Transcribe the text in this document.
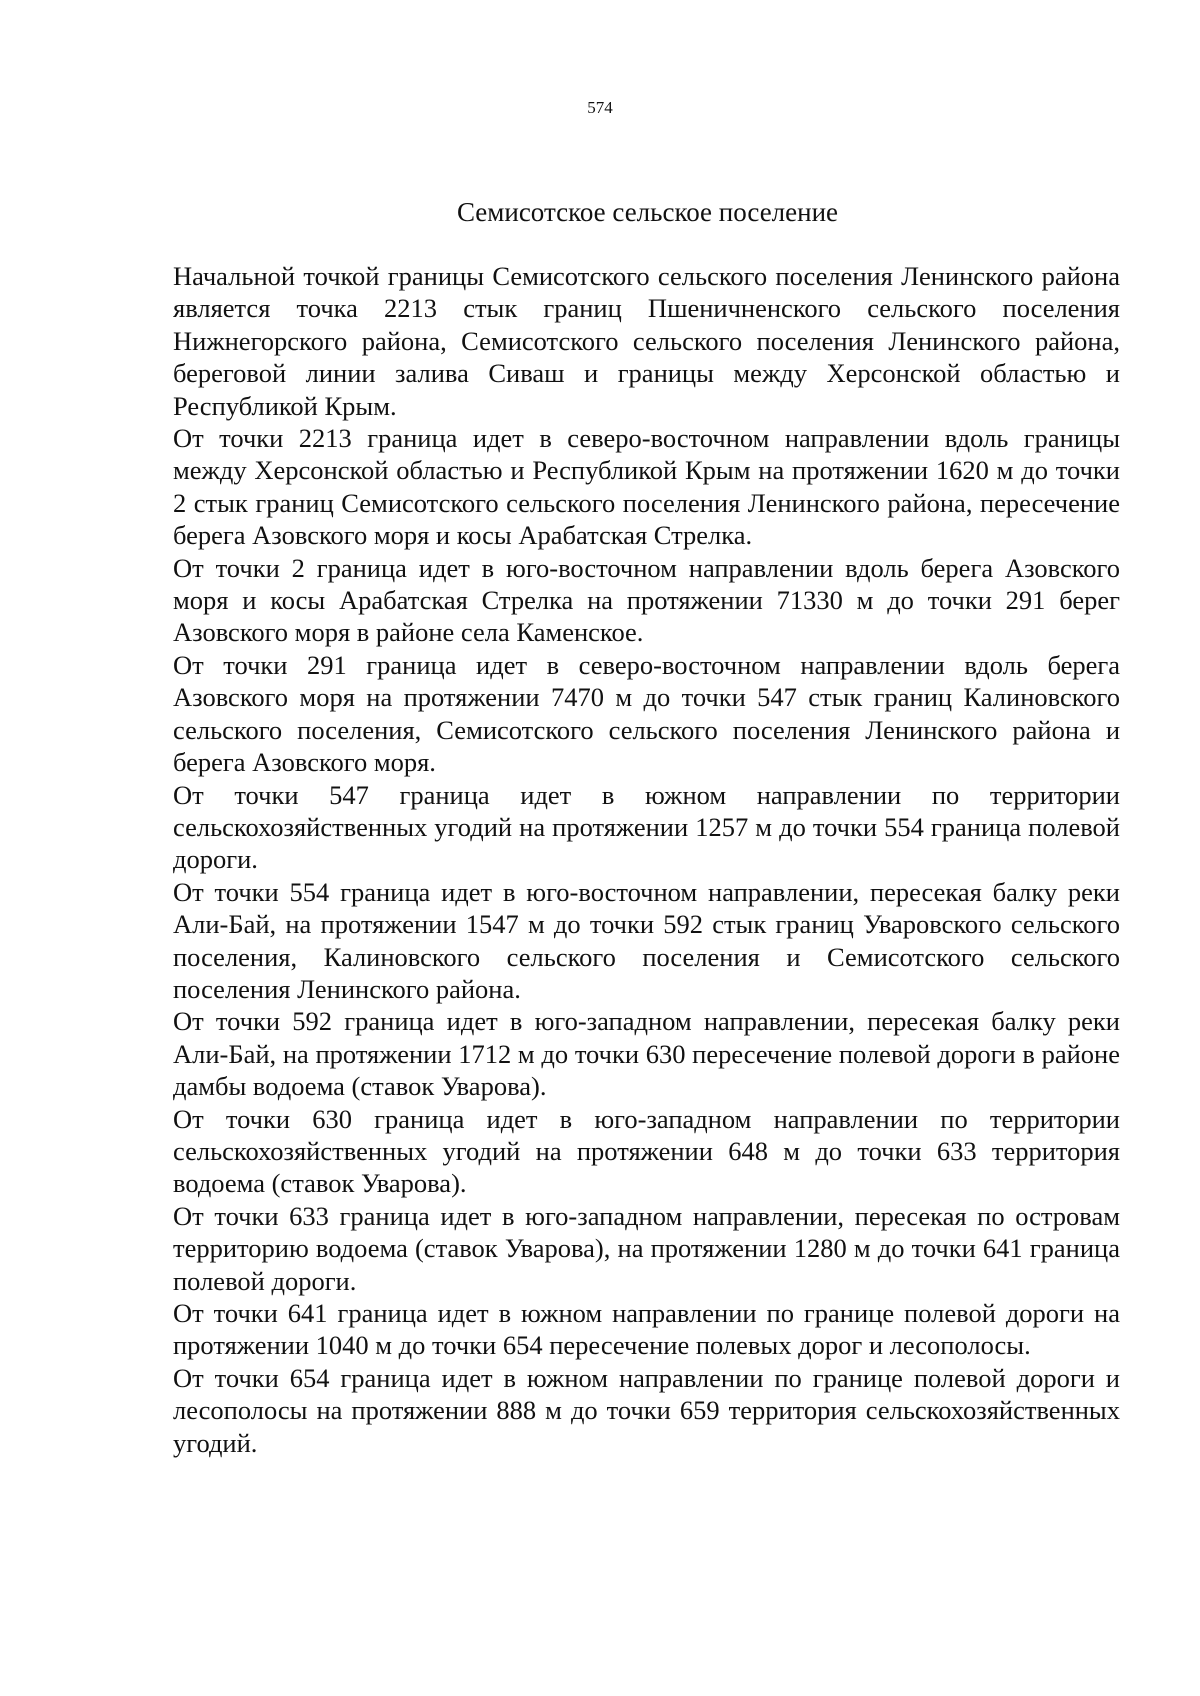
574
Семисотское сельское поселение

Начальной точкой границы Семисотского сельского поселения Ленинского района является точка 2213 стык границ Пшеничненского сельского поселения Нижнегорского района, Семисотского сельского поселения Ленинского района, береговой линии залива Сиваш и границы между Херсонской областью и Республикой Крым.

От точки 2213 граница идет в северо-восточном направлении вдоль границы между Херсонской областью и Республикой Крым на протяжении 1620 м до точки 2 стык границ Семисотского сельского поселения Ленинского района, пересечение берега Азовского моря и косы Арабатская Стрелка.

От точки 2 граница идет в юго-восточном направлении вдоль берега Азовского моря и косы Арабатская Стрелка на протяжении 71330 м до точки 291 берег Азовского моря в районе села Каменское.

От точки 291 граница идет в северо-восточном направлении вдоль берега Азовского моря на протяжении 7470 м до точки 547 стык границ Калиновского сельского поселения, Семисотского сельского поселения Ленинского района и берега Азовского моря.

От точки 547 граница идет в южном направлении по территории сельскохозяйственных угодий на протяжении 1257 м до точки 554 граница полевой дороги.

От точки 554 граница идет в юго-восточном направлении, пересекая балку реки Али-Бай, на протяжении 1547 м до точки 592 стык границ Уваровского сельского поселения, Калиновского сельского поселения и Семисотского сельского поселения Ленинского района.

От точки 592 граница идет в юго-западном направлении, пересекая балку реки Али-Бай, на протяжении 1712 м до точки 630 пересечение полевой дороги в районе дамбы водоема (ставок Уварова).

От точки 630 граница идет в юго-западном направлении по территории сельскохозяйственных угодий на протяжении 648 м до точки 633 территория водоема (ставок Уварова).

От точки 633 граница идет в юго-западном направлении, пересекая по островам территорию водоема (ставок Уварова), на протяжении 1280 м до точки 641 граница полевой дороги.

От точки 641 граница идет в южном направлении по границе полевой дороги на протяжении 1040 м до точки 654 пересечение полевых дорог и лесополосы.

От точки 654 граница идет в южном направлении по границе полевой дороги и лесополосы на протяжении 888 м до точки 659 территория сельскохозяйственных угодий.
